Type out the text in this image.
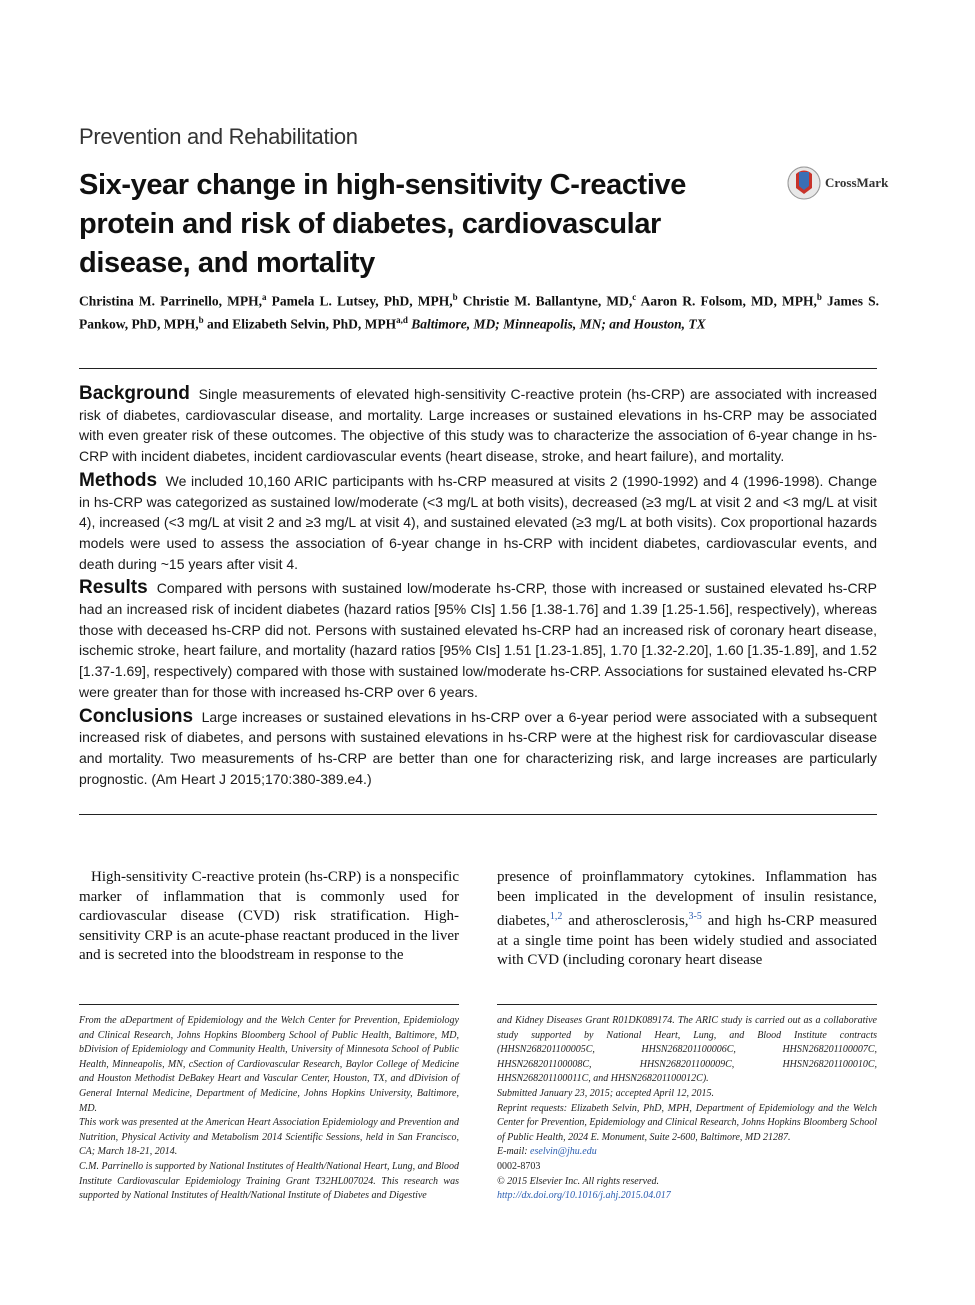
Prevention and Rehabilitation
Six-year change in high-sensitivity C-reactive protein and risk of diabetes, cardiovascular disease, and mortality
CrossMark
Christina M. Parrinello, MPH,$^a$ Pamela L. Lutsey, PhD, MPH,$^b$ Christie M. Ballantyne, MD,$^c$ Aaron R. Folsom, MD, MPH,$^b$ James S. Pankow, PhD, MPH,$^b$ and Elizabeth Selvin, PhD, MPH$^{a,d}$ Baltimore, MD; Minneapolis, MN; and Houston, TX

Background Single measurements of elevated high-sensitivity C-reactive protein (hs-CRP) are associated with increased risk of diabetes, cardiovascular disease, and mortality. Large increases or sustained elevations in hs-CRP may be associated with even greater risk of these outcomes. The objective of this study was to characterize the association of 6-year change in hs-CRP with incident diabetes, incident cardiovascular events (heart disease, stroke, and heart failure), and mortality.

Methods We included 10,160 ARIC participants with hs-CRP measured at visits 2 (1990-1992) and 4 (1996-1998). Change in hs-CRP was categorized as sustained low/moderate (<3 mg/L at both visits), decreased (≥3 mg/L at visit 2 and <3 mg/L at visit 4), increased (<3 mg/L at visit 2 and ≥3 mg/L at visit 4), and sustained elevated (≥3 mg/L at both visits). Cox proportional hazards models were used to assess the association of 6-year change in hs-CRP with incident diabetes, cardiovascular events, and death during ~15 years after visit 4.

Results Compared with persons with sustained low/moderate hs-CRP, those with increased or sustained elevated hs-CRP had an increased risk of incident diabetes (hazard ratios [95% CIs] 1.56 [1.38-1.76] and 1.39 [1.25-1.56], respectively), whereas those with deceased hs-CRP did not. Persons with sustained elevated hs-CRP had an increased risk of coronary heart disease, ischemic stroke, heart failure, and mortality (hazard ratios [95% CIs] 1.51 [1.23-1.85], 1.70 [1.32-2.20], 1.60 [1.35-1.89], and 1.52 [1.37-1.69], respectively) compared with those with sustained low/moderate hs-CRP. Associations for sustained elevated hs-CRP were greater than for those with increased hs-CRP over 6 years.

Conclusions Large increases or sustained elevations in hs-CRP over a 6-year period were associated with a subsequent increased risk of diabetes, and persons with sustained elevations in hs-CRP were at the highest risk for cardiovascular disease and mortality. Two measurements of hs-CRP are better than one for characterizing risk, and large increases are particularly prognostic. (Am Heart J 2015;170:380-389.e4.)

High-sensitivity C-reactive protein (hs-CRP) is a nonspecific marker of inflammation that is commonly used for cardiovascular disease (CVD) risk stratification. High-sensitivity CRP is an acute-phase reactant produced in the liver and is secreted into the bloodstream in response to the
presence of proinflammatory cytokines. Inflammation has been implicated in the development of insulin resistance, diabetes,$^{1,2}$ and atherosclerosis,$^{3-5}$ and high hs-CRP measured at a single time point has been widely studied and associated with CVD (including coronary heart disease

From the aDepartment of Epidemiology and the Welch Center for Prevention, Epidemiology and Clinical Research, Johns Hopkins Bloomberg School of Public Health, Baltimore, MD, bDivision of Epidemiology and Community Health, University of Minnesota School of Public Health, Minneapolis, MN, cSection of Cardiovascular Research, Baylor College of Medicine and Houston Methodist DeBakey Heart and Vascular Center, Houston, TX, and dDivision of General Internal Medicine, Department of Medicine, Johns Hopkins University, Baltimore, MD.

This work was presented at the American Heart Association Epidemiology and Prevention and Nutrition, Physical Activity and Metabolism 2014 Scientific Sessions, held in San Francisco, CA; March 18-21, 2014.

C.M. Parrinello is supported by National Institutes of Health/National Heart, Lung, and Blood Institute Cardiovascular Epidemiology Training Grant T32HL007024. This research was supported by National Institutes of Health/National Institute of Diabetes and Digestive

and Kidney Diseases Grant R01DK089174. The ARIC study is carried out as a collaborative study supported by National Heart, Lung, and Blood Institute contracts (HHSN268201100005C, HHSN268201100006C, HHSN268201100007C, HHSN268201100008C, HHSN268201100009C, HHSN268201100010C, HHSN268201100011C, and HHSN268201100012C).

Submitted January 23, 2015; accepted April 12, 2015.

Reprint requests: Elizabeth Selvin, PhD, MPH, Department of Epidemiology and the Welch Center for Prevention, Epidemiology and Clinical Research, Johns Hopkins Bloomberg School of Public Health, 2024 E. Monument, Suite 2-600, Baltimore, MD 21287.

E-mail: eselvin@jhu.edu

0002-8703

© 2015 Elsevier Inc. All rights reserved.

http://dx.doi.org/10.1016/j.ahj.2015.04.017
